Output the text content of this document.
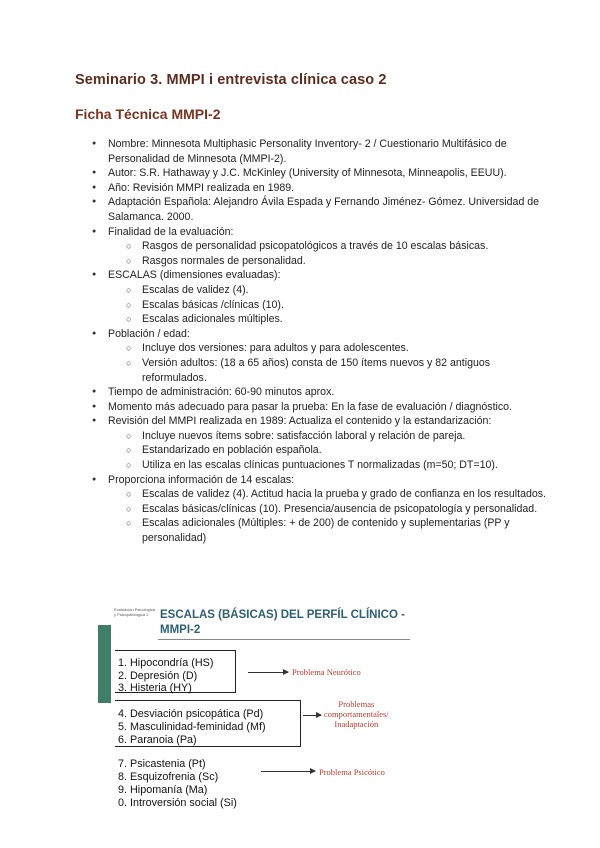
Seminario 3. MMPI i entrevista clínica caso 2
Ficha Técnica MMPI-2
● Nombre: Minnesota Multiphasic Personality Inventory- 2 / Cuestionario Multifásico de Personalidad de Minnesota (MMPI-2).
● Autor: S.R. Hathaway y J.C. McKinley (University of Minnesota, Minneapolis, EEUU).
● Año: Revisión MMPI realizada en 1989.
● Adaptación Española: Alejandro Ávila Espada y Fernando Jiménez- Gómez. Universidad de Salamanca. 2000.
● Finalidad de la evaluación:
○ Rasgos de personalidad psicopatológicos a través de 10 escalas básicas.
○ Rasgos normales de personalidad.
● ESCALAS (dimensiones evaluadas):
○ Escalas de validez (4).
○ Escalas básicas /clínicas (10).
○ Escalas adicionales múltiples.
● Población / edad:
○ Incluye dos versiones: para adultos y para adolescentes.
○ Versión adultos: (18 a 65 años) consta de 150 ítems nuevos y 82 antiguos reformulados.
● Tiempo de administración: 60-90 minutos aprox.
● Momento más adecuado para pasar la prueba: En la fase de evaluación / diagnóstico.
● Revisión del MMPI realizada en 1989: Actualiza el contenido y la estandarización:
○ Incluye nuevos ítems sobre: satisfacción laboral y relación de pareja.
○ Estandarizado en población española.
○ Utiliza en las escalas clínicas puntuaciones T normalizadas (m=50; DT=10).
● Proporciona información de 14 escalas:
○ Escalas de validez (4). Actitud hacia la prueba y grado de confianza en los resultados.
○ Escalas básicas/clínicas (10). Presencia/ausencia de psicopatología y personalidad.
○ Escalas adicionales (Múltiples: + de 200) de contenido y suplementarias (PP y personalidad)
Evaluación Psicológica y Psicopatológica 2	ESCALAS (BÁSICAS) DEL PERFÍL CLÍNICO -
MMPI-2
1. Hipocondría (HS)
2. Depresión (D)
3. Histeria (HY)
4. Desviación psicopática (Pd)
5. Masculinidad-feminidad (Mf)
6. Paranoia (Pa)
7. Psicastenia (Pt)
8. Esquizofrenia (Sc)
9. Hipomanía (Ma)
0. Introversión social (Si)
Problema Neurótico
Problemas
comportamentales/
Inadaptación
Problema Psicótico
